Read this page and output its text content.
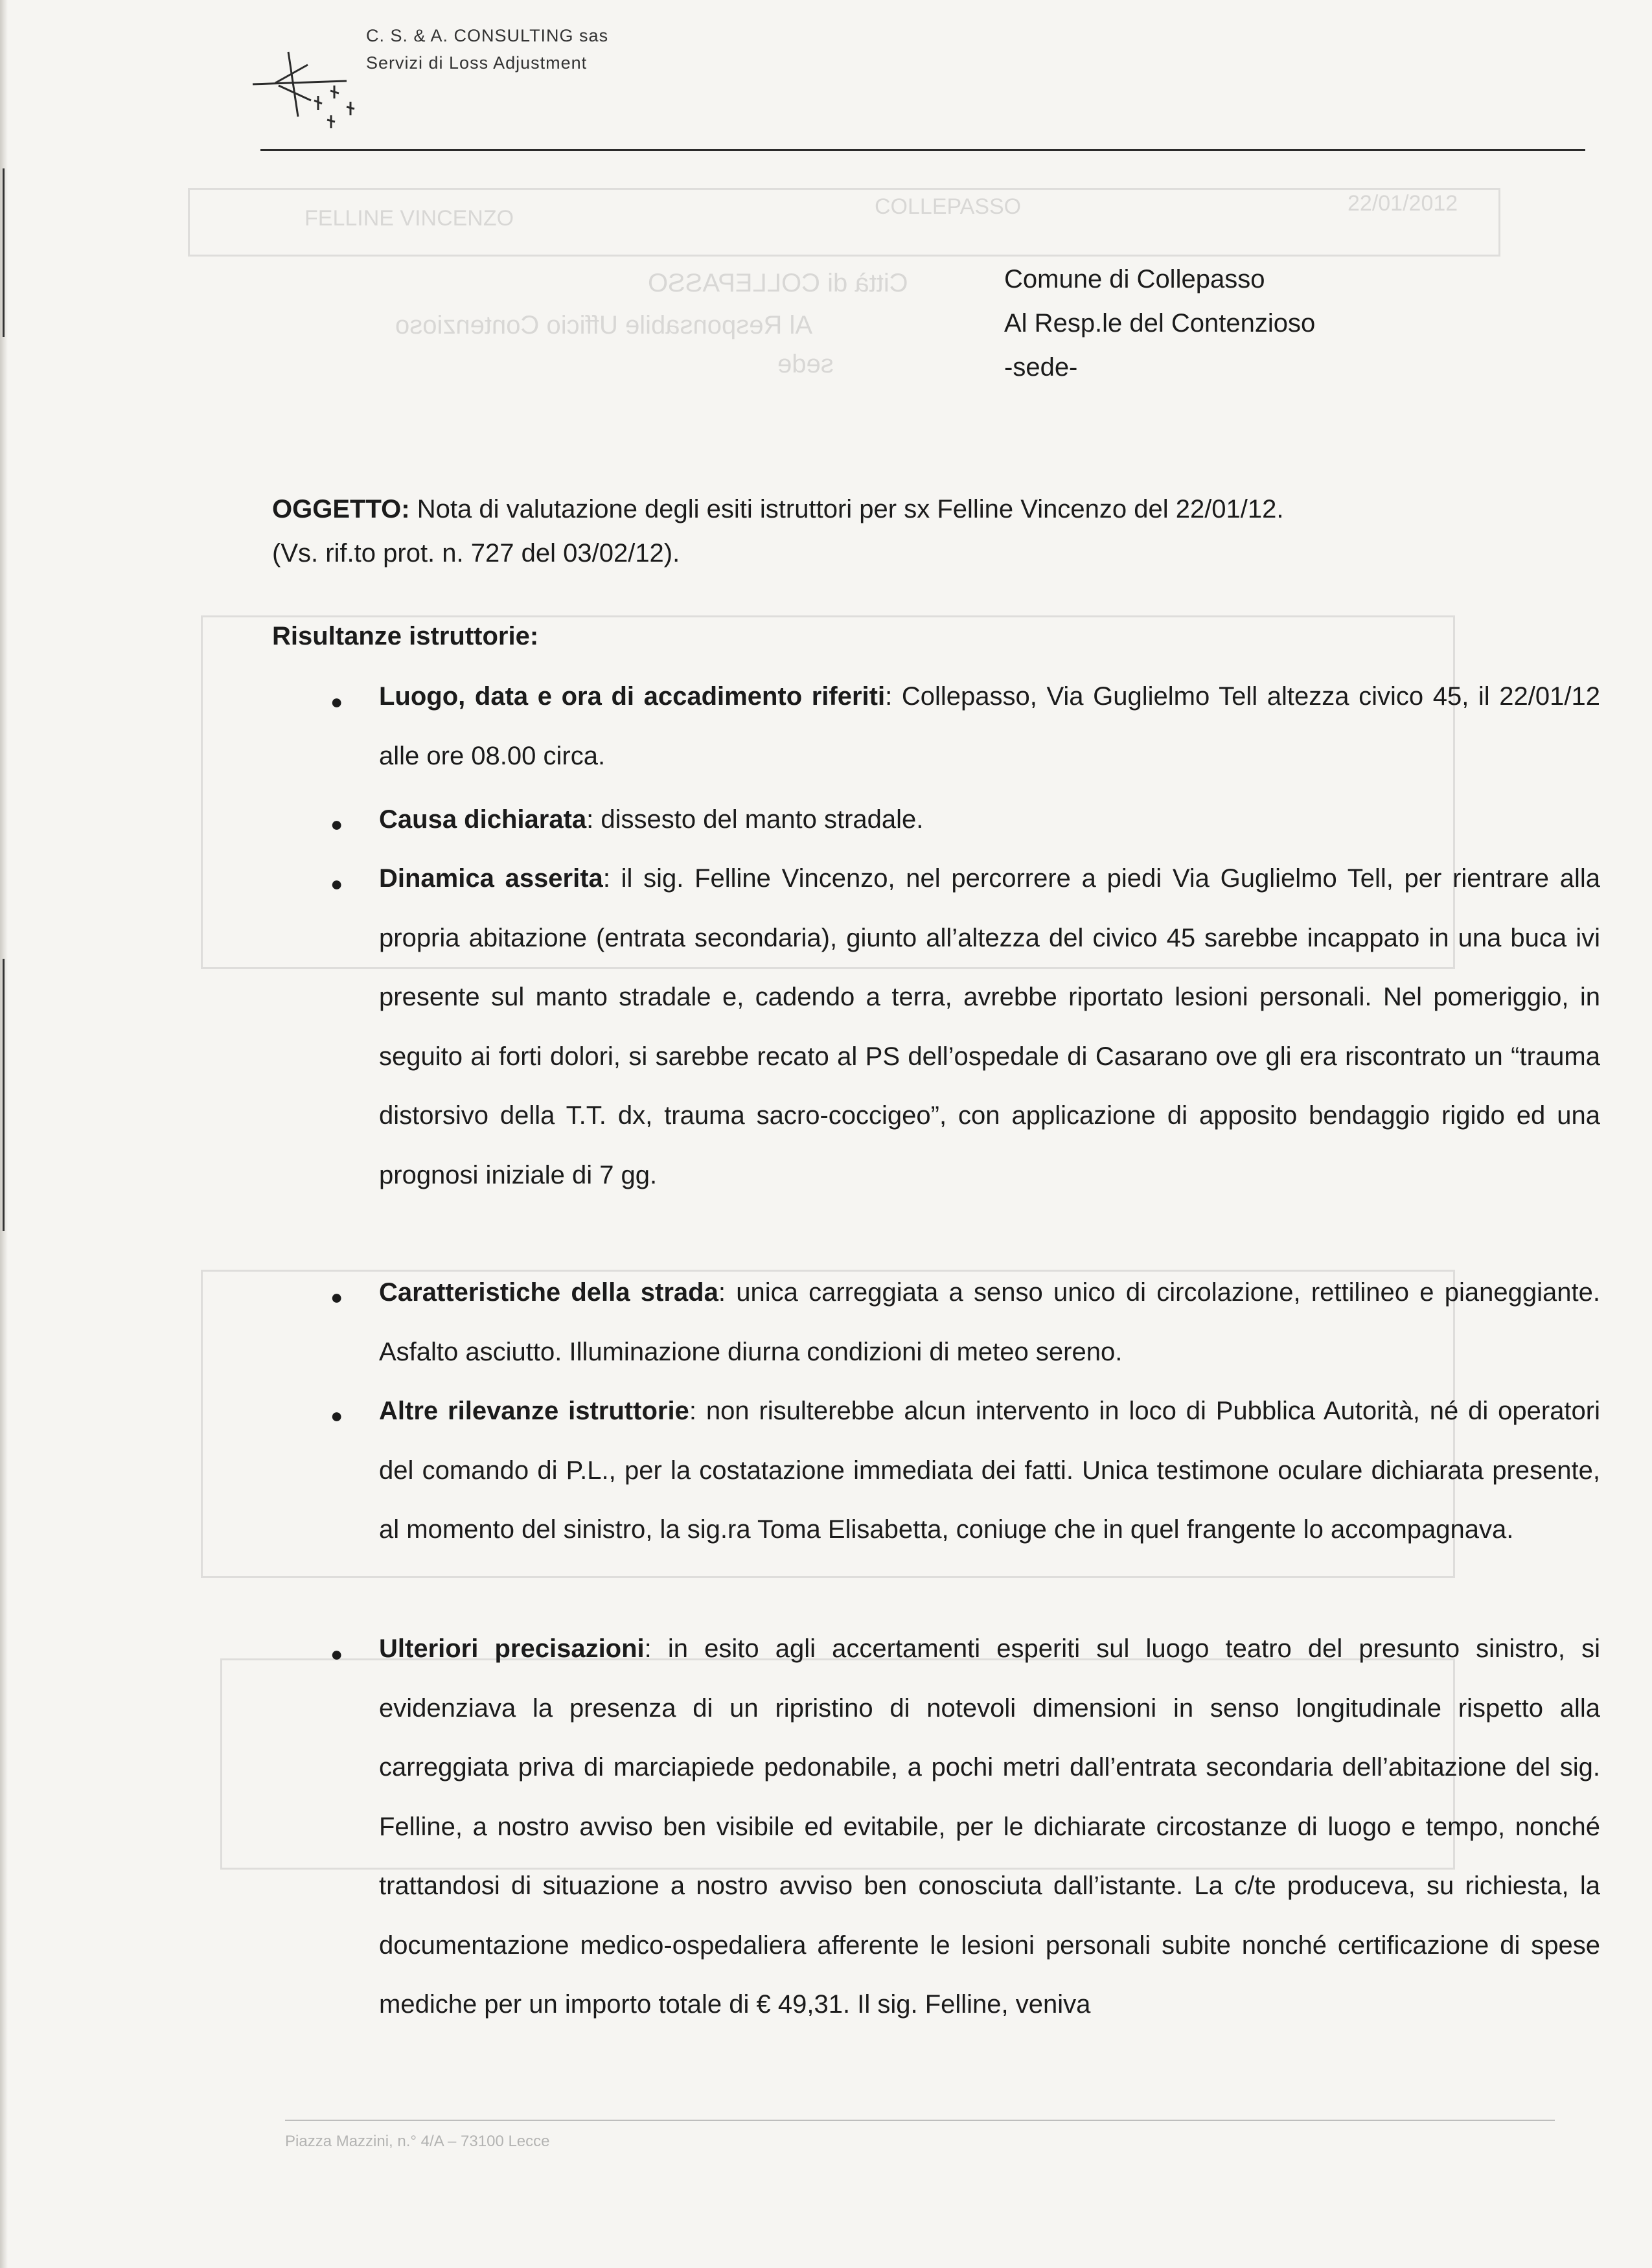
FELLINE VINCENZO	COLLEPASSO	22/01/2012
Città di COLLEPASSO
Al Responsabile Ufficio Contenzioso
sede
C. S. & A. CONSULTING sas
Servizi di Loss Adjustment
Comune di Collepasso
Al Resp.le del Contenzioso
-sede-
OGGETTO: Nota di valutazione degli esiti istruttori per sx Felline Vincenzo del 22/01/12.
(Vs. rif.to prot. n. 727 del 03/02/12).
Risultanze istruttorie:
● Luogo, data e ora di accadimento riferiti: Collepasso, Via Guglielmo Tell altezza civico 45, il 22/01/12 alle ore 08.00 circa.

● Causa dichiarata: dissesto del manto stradale.

● Dinamica asserita: il sig. Felline Vincenzo, nel percorrere a piedi Via Guglielmo Tell, per rientrare alla propria abitazione (entrata secondaria), giunto all’altezza del civico 45 sarebbe incappato in una buca ivi presente sul manto stradale e, cadendo a terra, avrebbe riportato lesioni personali. Nel pomeriggio, in seguito ai forti dolori, si sarebbe recato al PS dell’ospedale di Casarano ove gli era riscontrato un “trauma distorsivo della T.T. dx, trauma sacro-coccigeo”, con applicazione di apposito bendaggio rigido ed una prognosi iniziale di 7 gg.

● Caratteristiche della strada: unica carreggiata a senso unico di circolazione, rettilineo e pianeggiante. Asfalto asciutto. Illuminazione diurna condizioni di meteo sereno.

● Altre rilevanze istruttorie: non risulterebbe alcun intervento in loco di Pubblica Autorità, né di operatori del comando di P.L., per la costatazione immediata dei fatti. Unica testimone oculare dichiarata presente, al momento del sinistro, la sig.ra Toma Elisabetta, coniuge che in quel frangente lo accompagnava.

● Ulteriori precisazioni: in esito agli accertamenti esperiti sul luogo teatro del presunto sinistro, si evidenziava la presenza di un ripristino di notevoli dimensioni in senso longitudinale rispetto alla carreggiata priva di marciapiede pedonabile, a pochi metri dall’entrata secondaria dell’abitazione del sig. Felline, a nostro avviso ben visibile ed evitabile, per le dichiarate circostanze di luogo e tempo, nonché trattandosi di situazione a nostro avviso ben conosciuta dall’istante. La c/te produceva, su richiesta, la documentazione medico-ospedaliera afferente le lesioni personali subite nonché certificazione di spese mediche per un importo totale di € 49,31. Il sig. Felline, veniva

Piazza Mazzini, n.° 4/A – 73100 Lecce
